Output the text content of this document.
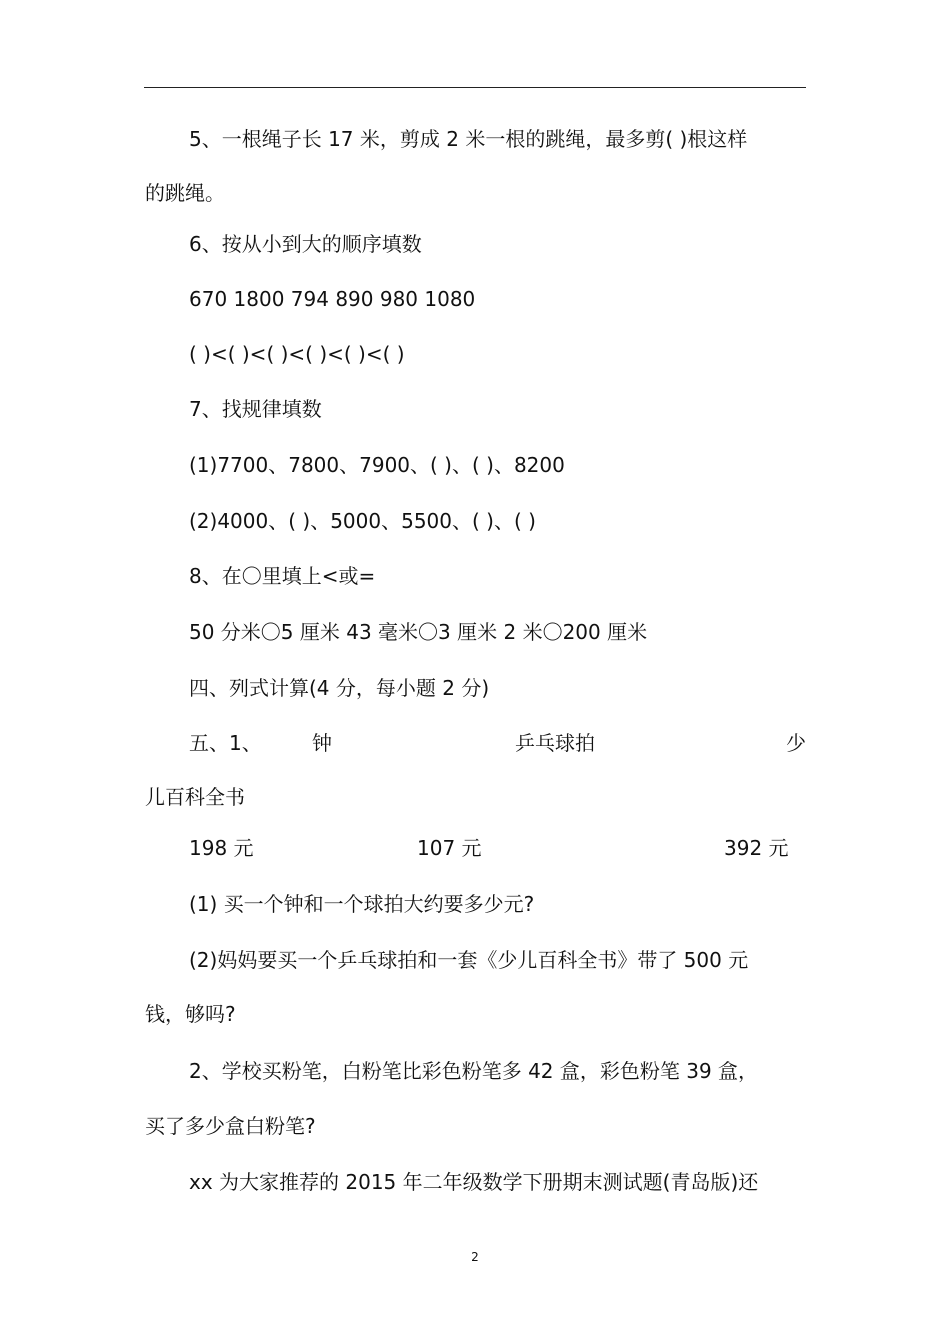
5、一根绳子长 17 米，剪成 2 米一根的跳绳，最多剪( )根这样
的跳绳。
6、按从小到大的顺序填数
670 1800 794 890 980 1080
( )<( )<( )<( )<( )<( )
7、找规律填数
(1)7700、7800、7900、( )、( )、8200
(2)4000、( )、5000、5500、( )、( )
8、在〇里填上<或=
50 分米〇5 厘米 43 毫米〇3 厘米 2 米〇200 厘米
四、列式计算(4 分，每小题 2 分)
五、1、	钟	乒乓球拍	少
儿百科全书
198 元	107 元	392 元
(1) 买一个钟和一个球拍大约要多少元?
(2)妈妈要买一个乒乓球拍和一套《少儿百科全书》带了 500 元
钱，够吗?
2、学校买粉笔，白粉笔比彩色粉笔多 42 盒，彩色粉笔 39 盒，
买了多少盒白粉笔?
xx 为大家推荐的 2015 年二年级数学下册期末测试题(青岛版)还
2
